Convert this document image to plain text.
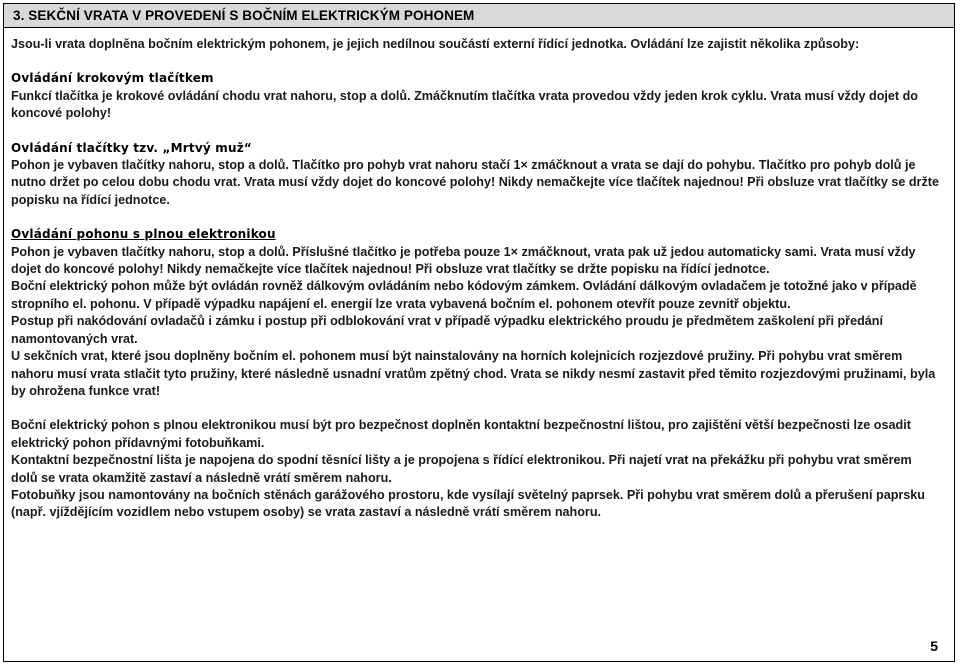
3. SEKČNÍ VRATA V PROVEDENÍ S BOČNÍM ELEKTRICKÝM POHONEM

Jsou-li vrata doplněna bočním elektrickým pohonem, je jejich nedílnou součástí externí řídící jednotka. Ovládání lze zajistit několika způsoby:

Ovládání krokovým tlačítkem

Funkcí tlačítka je krokové ovládání chodu vrat nahoru, stop a dolů. Zmáčknutím tlačítka vrata provedou vždy jeden krok cyklu. Vrata musí vždy dojet do koncové polohy!

Ovládání tlačítky tzv. „Mrtvý muž“

Pohon je vybaven tlačítky nahoru, stop a dolů. Tlačítko pro pohyb vrat nahoru stačí 1× zmáčknout a vrata se dají do pohybu. Tlačítko pro pohyb dolů je nutno držet po celou dobu chodu vrat. Vrata musí vždy dojet do koncové polohy! Nikdy nemačkejte více tlačítek najednou! Při obsluze vrat tlačítky se držte popisku na řídící jednotce.

Ovládání pohonu s plnou elektronikou

Pohon je vybaven tlačítky nahoru, stop a dolů. Příslušné tlačítko je potřeba pouze 1× zmáčknout, vrata pak už jedou automaticky sami. Vrata musí vždy dojet do koncové polohy! Nikdy nemačkejte více tlačítek najednou! Při obsluze vrat tlačítky se držte popisku na řídící jednotce.

Boční elektrický pohon může být ovládán rovněž dálkovým ovládáním nebo kódovým zámkem. Ovládání dálkovým ovladačem je totožné jako v případě stropního el. pohonu. V případě výpadku napájení el. energií lze vrata vybavená bočním el. pohonem otevřít pouze zevnitř objektu.

Postup při nakódování ovladačů i zámku i postup při odblokování vrat v případě výpadku elektrického proudu je předmětem zaškolení při předání namontovaných vrat.

U sekčních vrat, které jsou doplněny bočním el. pohonem musí být nainstalovány na horních kolejnicích rozjezdové pružiny. Při pohybu vrat směrem nahoru musí vrata stlačit tyto pružiny, které následně usnadní vratům zpětný chod. Vrata se nikdy nesmí zastavit před těmito rozjezdovými pružinami, byla by ohrožena funkce vrat!

Boční elektrický pohon s plnou elektronikou musí být pro bezpečnost doplněn kontaktní bezpečnostní lištou, pro zajištění větší bezpečnosti lze osadit elektrický pohon přídavnými fotobuňkami.

Kontaktní bezpečnostní lišta je napojena do spodní těsnící lišty a je propojena s řídící elektronikou. Při najetí vrat na překážku při pohybu vrat směrem dolů se vrata okamžitě zastaví a následně vrátí směrem nahoru.

Fotobuňky jsou namontovány na bočních stěnách garážového prostoru, kde vysílají světelný paprsek. Při pohybu vrat směrem dolů a přerušení paprsku (např. vjíždějícím vozidlem nebo vstupem osoby) se vrata zastaví a následně vrátí směrem nahoru.

5
